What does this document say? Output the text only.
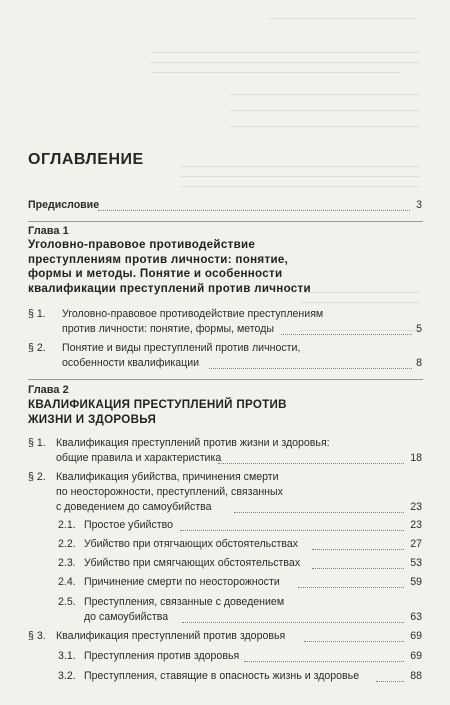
ОГЛАВЛЕНИЕ
Предисловие	3
Глава 1
Уголовно-правовое противодействие
преступлениям против личности: понятие,
формы и методы. Понятие и особенности
квалификации преступлений против личности
§ 1. Уголовно-правовое противодействие преступлениям
против личности: понятие, формы, методы	5
§ 2. Понятие и виды преступлений против личности,
особенности квалификации	8
Глава 2
КВАЛИФИКАЦИЯ ПРЕСТУПЛЕНИЙ ПРОТИВ
ЖИЗНИ И ЗДОРОВЬЯ
§ 1. Квалификация преступлений против жизни и здоровья:
общие правила и характеристика	18
§ 2. Квалификация убийства, причинения смерти
по неосторожности, преступлений, связанных
с доведением до самоубийства	23
2.1. Простое убийство	23
2.2. Убийство при отягчающих обстоятельствах	27
2.3. Убийство при смягчающих обстоятельствах	53
2.4. Причинение смерти по неосторожности	59
2.5. Преступления, связанные с доведением
до самоубийства	63
§ 3. Квалификация преступлений против здоровья	69
3.1. Преступления против здоровья	69
3.2. Преступления, ставящие в опасность жизнь и здоровье	88
